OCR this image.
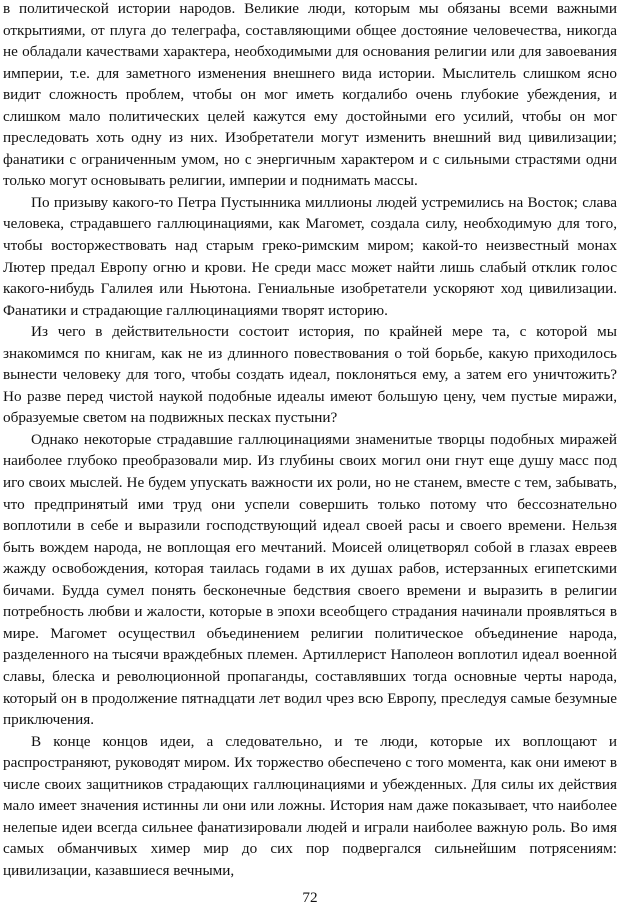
в политической истории народов. Великие люди, которым мы обязаны всеми важными открытиями, от плуга до телеграфа, составляющими общее достояние человечества, никогда не обладали качествами характера, необходимыми для основания религии или для завоевания империи, т.е. для заметного изменения внешнего вида истории. Мыслитель слишком ясно видит сложность проблем, чтобы он мог иметь когдалибо очень глубокие убеждения, и слишком мало политических целей кажутся ему достойными его усилий, чтобы он мог преследовать хоть одну из них. Изобретатели могут изменить внешний вид цивилизации; фанатики с ограниченным умом, но с энергичным характером и с сильными страстями одни только могут основывать религии, империи и поднимать массы.

По призыву какого-то Петра Пустынника миллионы людей устремились на Восток; слава человека, страдавшего галлюцинациями, как Магомет, создала силу, необходимую для того, чтобы восторжествовать над старым греко-римским миром; какой-то неизвестный монах Лютер предал Европу огню и крови. Не среди масс может найти лишь слабый отклик голос какого-нибудь Галилея или Ньютона. Гениальные изобретатели ускоряют ход цивилизации. Фанатики и страдающие галлюцинациями творят историю.

Из чего в действительности состоит история, по крайней мере та, с которой мы знакомимся по книгам, как не из длинного повествования о той борьбе, какую приходилось вынести человеку для того, чтобы создать идеал, поклоняться ему, а затем его уничтожить? Но разве перед чистой наукой подобные идеалы имеют большую цену, чем пустые миражи, образуемые светом на подвижных песках пустыни?

Однако некоторые страдавшие галлюцинациями знаменитые творцы подобных миражей наиболее глубоко преобразовали мир. Из глубины своих могил они гнут еще душу масс под иго своих мыслей. Не будем упускать важности их роли, но не станем, вместе с тем, забывать, что предпринятый ими труд они успели совершить только потому что бессознательно воплотили в себе и выразили господствующий идеал своей расы и своего времени. Нельзя быть вождем народа, не воплощая его мечтаний. Моисей олицетворял собой в глазах евреев жажду освобождения, которая таилась годами в их душах рабов, истерзанных египетскими бичами. Будда сумел понять бесконечные бедствия своего времени и выразить в религии потребность любви и жалости, которые в эпохи всеобщего страдания начинали проявляться в мире. Магомет осуществил объединением религии политическое объединение народа, разделенного на тысячи враждебных племен. Артиллерист Наполеон воплотил идеал военной славы, блеска и революционной пропаганды, составлявших тогда основные черты народа, который он в продолжение пятнадцати лет водил чрез всю Европу, преследуя самые безумные приключения.

В конце концов идеи, а следовательно, и те люди, которые их воплощают и распространяют, руководят миром. Их торжество обеспечено с того момента, как они имеют в числе своих защитников страдающих галлюцинациями и убежденных. Для силы их действия мало имеет значения истинны ли они или ложны. История нам даже показывает, что наиболее нелепые идеи всегда сильнее фанатизировали людей и играли наиболее важную роль. Во имя самых обманчивых химер мир до сих пор подвергался сильнейшим потрясениям: цивилизации, казавшиеся вечными,

72
